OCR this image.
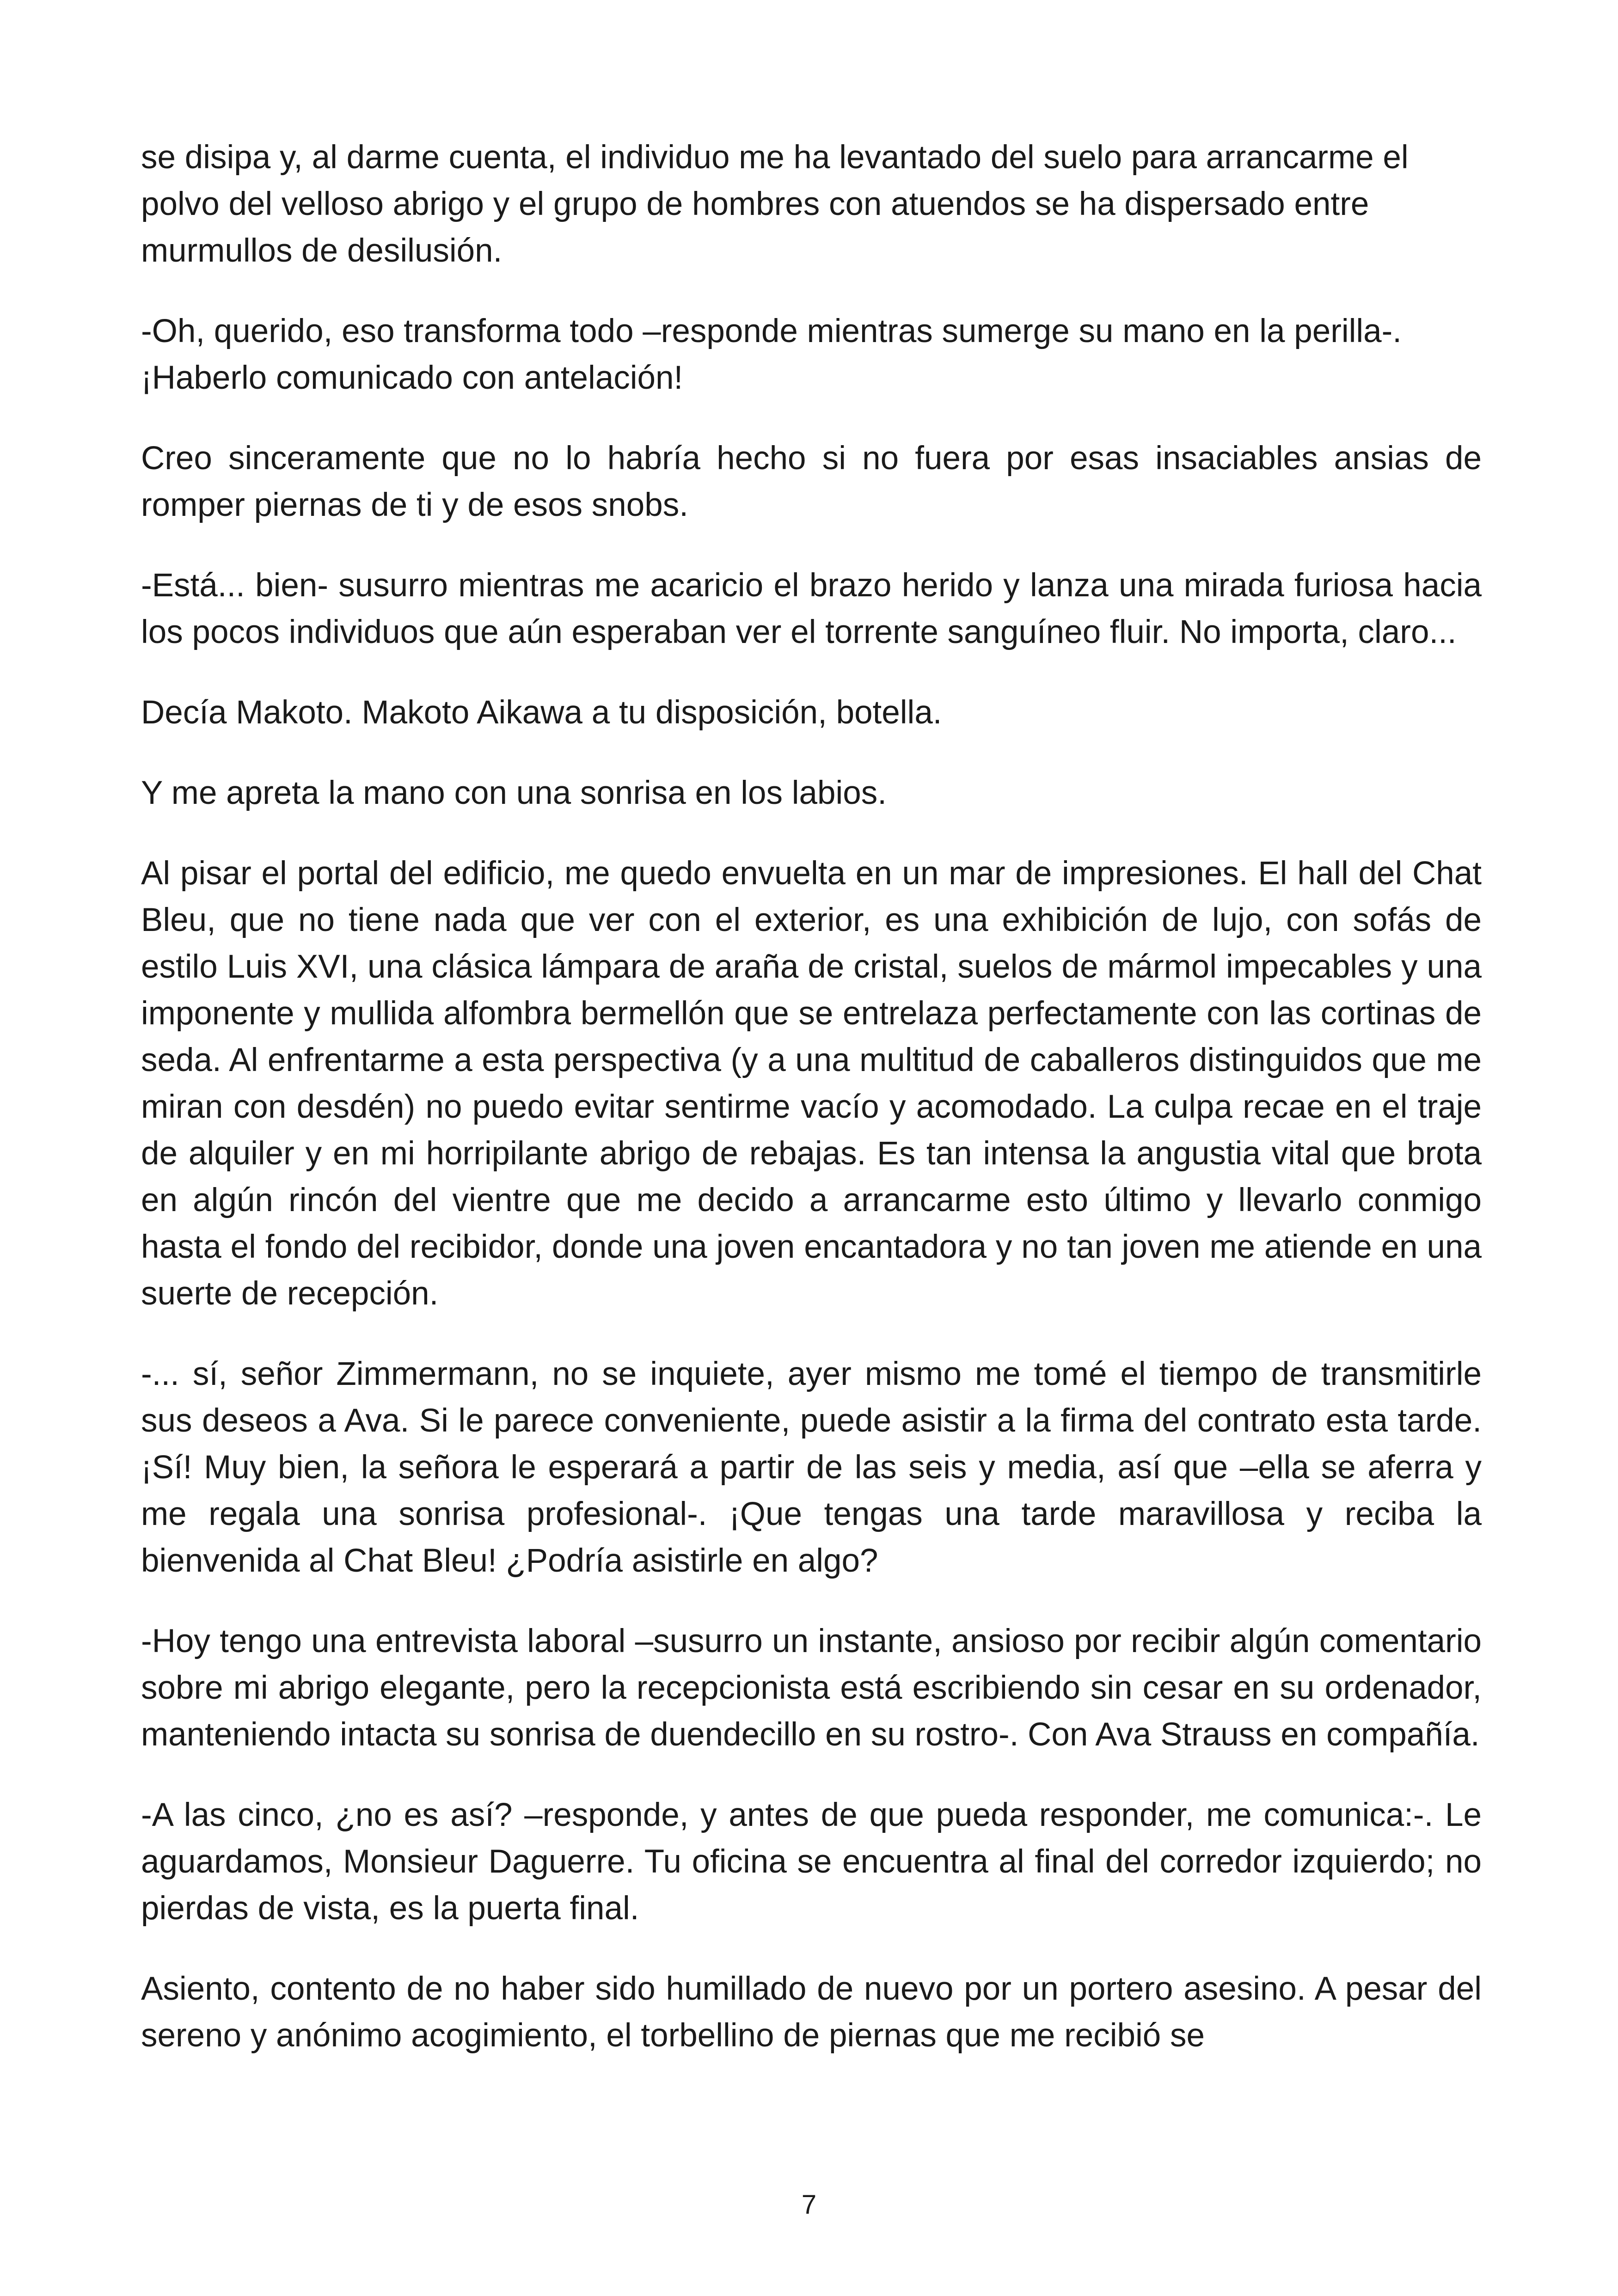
se disipa y, al darme cuenta, el individuo me ha levantado del suelo para arrancarme el polvo del velloso abrigo y el grupo de hombres con atuendos se ha dispersado entre murmullos de desilusión.

-Oh, querido, eso transforma todo –responde mientras sumerge su mano en la perilla-. ¡Haberlo comunicado con antelación!

Creo sinceramente que no lo habría hecho si no fuera por esas insaciables ansias de romper piernas de ti y de esos snobs.

-Está... bien- susurro mientras me acaricio el brazo herido y lanza una mirada furiosa hacia los pocos individuos que aún esperaban ver el torrente sanguíneo fluir. No importa, claro...

Decía Makoto. Makoto Aikawa a tu disposición, botella.

Y me apreta la mano con una sonrisa en los labios.

Al pisar el portal del edificio, me quedo envuelta en un mar de impresiones. El hall del Chat Bleu, que no tiene nada que ver con el exterior, es una exhibición de lujo, con sofás de estilo Luis XVI, una clásica lámpara de araña de cristal, suelos de mármol impecables y una imponente y mullida alfombra bermellón que se entrelaza perfectamente con las cortinas de seda. Al enfrentarme a esta perspectiva (y a una multitud de caballeros distinguidos que me miran con desdén) no puedo evitar sentirme vacío y acomodado. La culpa recae en el traje de alquiler y en mi horripilante abrigo de rebajas. Es tan intensa la angustia vital que brota en algún rincón del vientre que me decido a arrancarme esto último y llevarlo conmigo hasta el fondo del recibidor, donde una joven encantadora y no tan joven me atiende en una suerte de recepción.

-... sí, señor Zimmermann, no se inquiete, ayer mismo me tomé el tiempo de transmitirle sus deseos a Ava. Si le parece conveniente, puede asistir a la firma del contrato esta tarde. ¡Sí! Muy bien, la señora le esperará a partir de las seis y media, así que –ella se aferra y me regala una sonrisa profesional-. ¡Que tengas una tarde maravillosa y reciba la bienvenida al Chat Bleu! ¿Podría asistirle en algo?

-Hoy tengo una entrevista laboral –susurro un instante, ansioso por recibir algún comentario sobre mi abrigo elegante, pero la recepcionista está escribiendo sin cesar en su ordenador, manteniendo intacta su sonrisa de duendecillo en su rostro-. Con Ava Strauss en compañía.

-A las cinco, ¿no es así? –responde, y antes de que pueda responder, me comunica:-. Le aguardamos, Monsieur Daguerre. Tu oficina se encuentra al final del corredor izquierdo; no pierdas de vista, es la puerta final.

Asiento, contento de no haber sido humillado de nuevo por un portero asesino. A pesar del sereno y anónimo acogimiento, el torbellino de piernas que me recibió se

7
